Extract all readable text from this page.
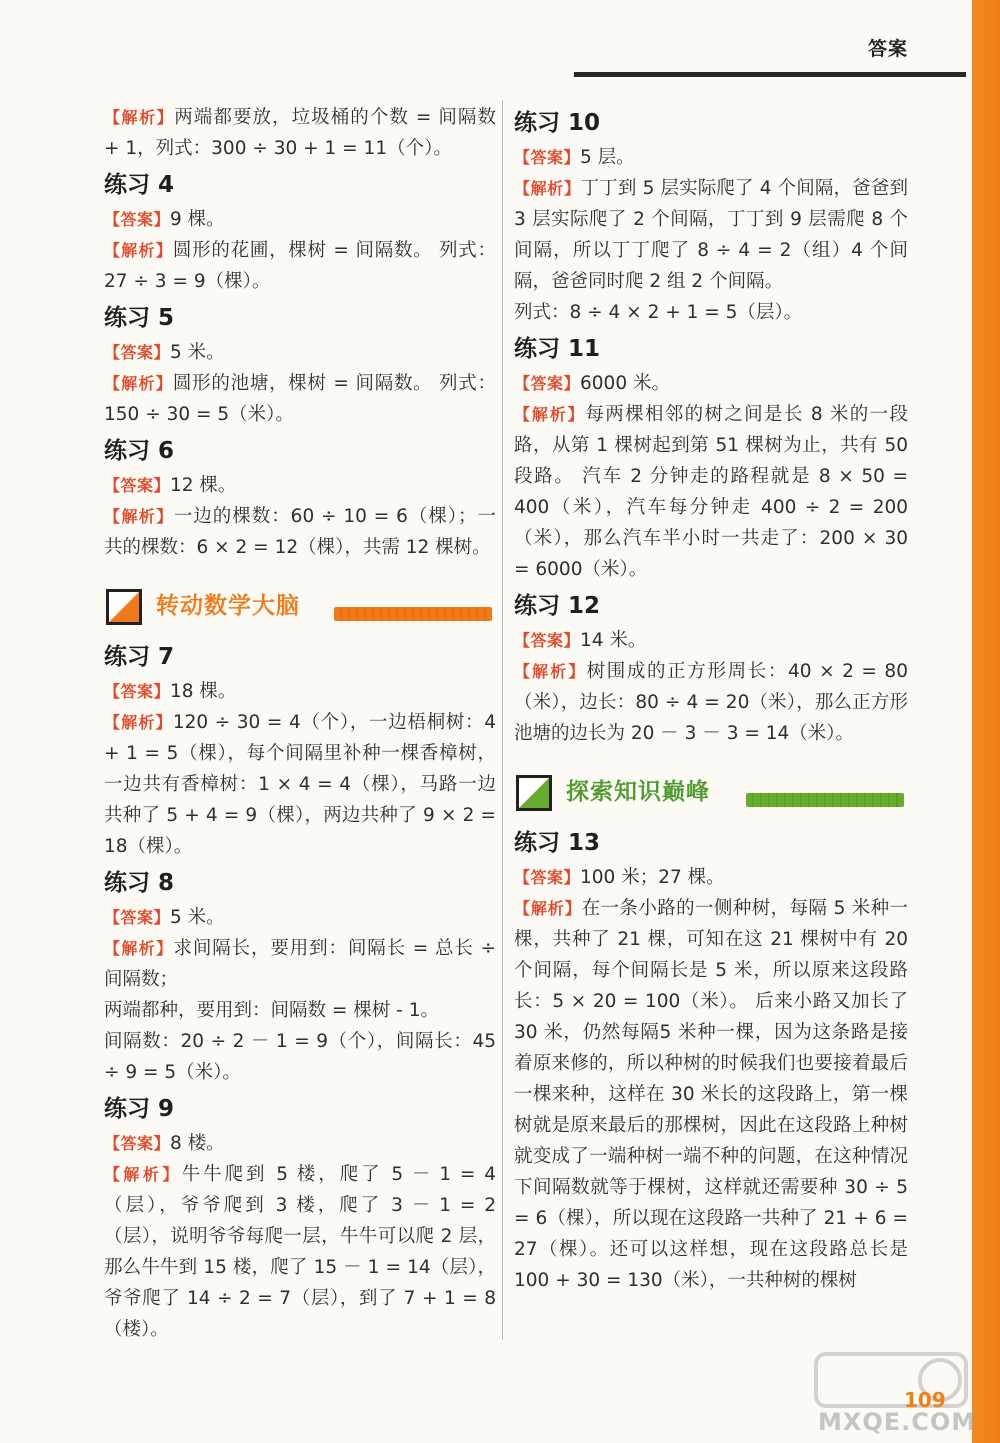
答案

【解析】两端都要放，垃圾桶的个数 = 间隔数 + 1，列式：300 ÷ 30 + 1 = 11（个）。

练习 4

【答案】9 棵。

【解析】圆形的花圃，棵树 = 间隔数。 列式：27 ÷ 3 = 9（棵）。

练习 5

【答案】5 米。

【解析】圆形的池塘，棵树 = 间隔数。 列式：150 ÷ 30 = 5（米）。

练习 6

【答案】12 棵。

【解析】一边的棵数：60 ÷ 10 = 6（棵）；一共的棵数：6 × 2 = 12（棵），共需 12 棵树。

转动数学大脑
练习 7

【答案】18 棵。

【解析】120 ÷ 30 = 4（个），一边梧桐树：4 + 1 = 5（棵），每个间隔里补种一棵香樟树，一边共有香樟树：1 × 4 = 4（棵），马路一边共种了 5 + 4 = 9（棵），两边共种了 9 × 2 = 18（棵）。

练习 8

【答案】5 米。

【解析】求间隔长，要用到：间隔长 = 总长 ÷ 间隔数；

两端都种，要用到：间隔数 = 棵树 - 1。

间隔数：20 ÷ 2 － 1 = 9（个），间隔长：45 ÷ 9 = 5（米）。

练习 9

【答案】8 楼。

【解析】牛牛爬到 5 楼，爬了 5 － 1 = 4（层），爷爷爬到 3 楼，爬了 3 － 1 = 2（层），说明爷爷每爬一层，牛牛可以爬 2 层，那么牛牛到 15 楼，爬了 15 － 1 = 14（层），爷爷爬了 14 ÷ 2 = 7（层），到了 7 + 1 = 8（楼）。

练习 10

【答案】5 层。

【解析】丁丁到 5 层实际爬了 4 个间隔，爸爸到 3 层实际爬了 2 个间隔，丁丁到 9 层需爬 8 个间隔，所以丁丁爬了 8 ÷ 4 = 2（组）4 个间隔，爸爸同时爬 2 组 2 个间隔。

列式：8 ÷ 4 × 2 + 1 = 5（层）。

练习 11

【答案】6000 米。

【解析】每两棵相邻的树之间是长 8 米的一段路，从第 1 棵树起到第 51 棵树为止，共有 50 段路。 汽车 2 分钟走的路程就是 8 × 50 = 400（米），汽车每分钟走 400 ÷ 2 = 200（米），那么汽车半小时一共走了：200 × 30 = 6000（米）。

练习 12

【答案】14 米。

【解析】树围成的正方形周长：40 × 2 = 80（米），边长：80 ÷ 4 = 20（米），那么正方形池塘的边长为 20 － 3 － 3 = 14（米）。

探索知识巅峰
练习 13

【答案】100 米；27 棵。

【解析】在一条小路的一侧种树，每隔 5 米种一棵，共种了 21 棵，可知在这 21 棵树中有 20 个间隔，每个间隔长是 5 米，所以原来这段路长：5 × 20 = 100（米）。 后来小路又加长了 30 米，仍然每隔5 米种一棵，因为这条路是接着原来修的，所以种树的时候我们也要接着最后一棵来种，这样在 30 米长的这段路上，第一棵树就是原来最后的那棵树，因此在这段路上种树就变成了一端种树一端不种的问题，在这种情况下间隔数就等于棵树，这样就还需要种 30 ÷ 5 = 6（棵），所以现在这段路一共种了 21 + 6 = 27（棵）。还可以这样想，现在这段路总长是100 + 30 = 130（米），一共种树的棵树

MXQE.COM
109
